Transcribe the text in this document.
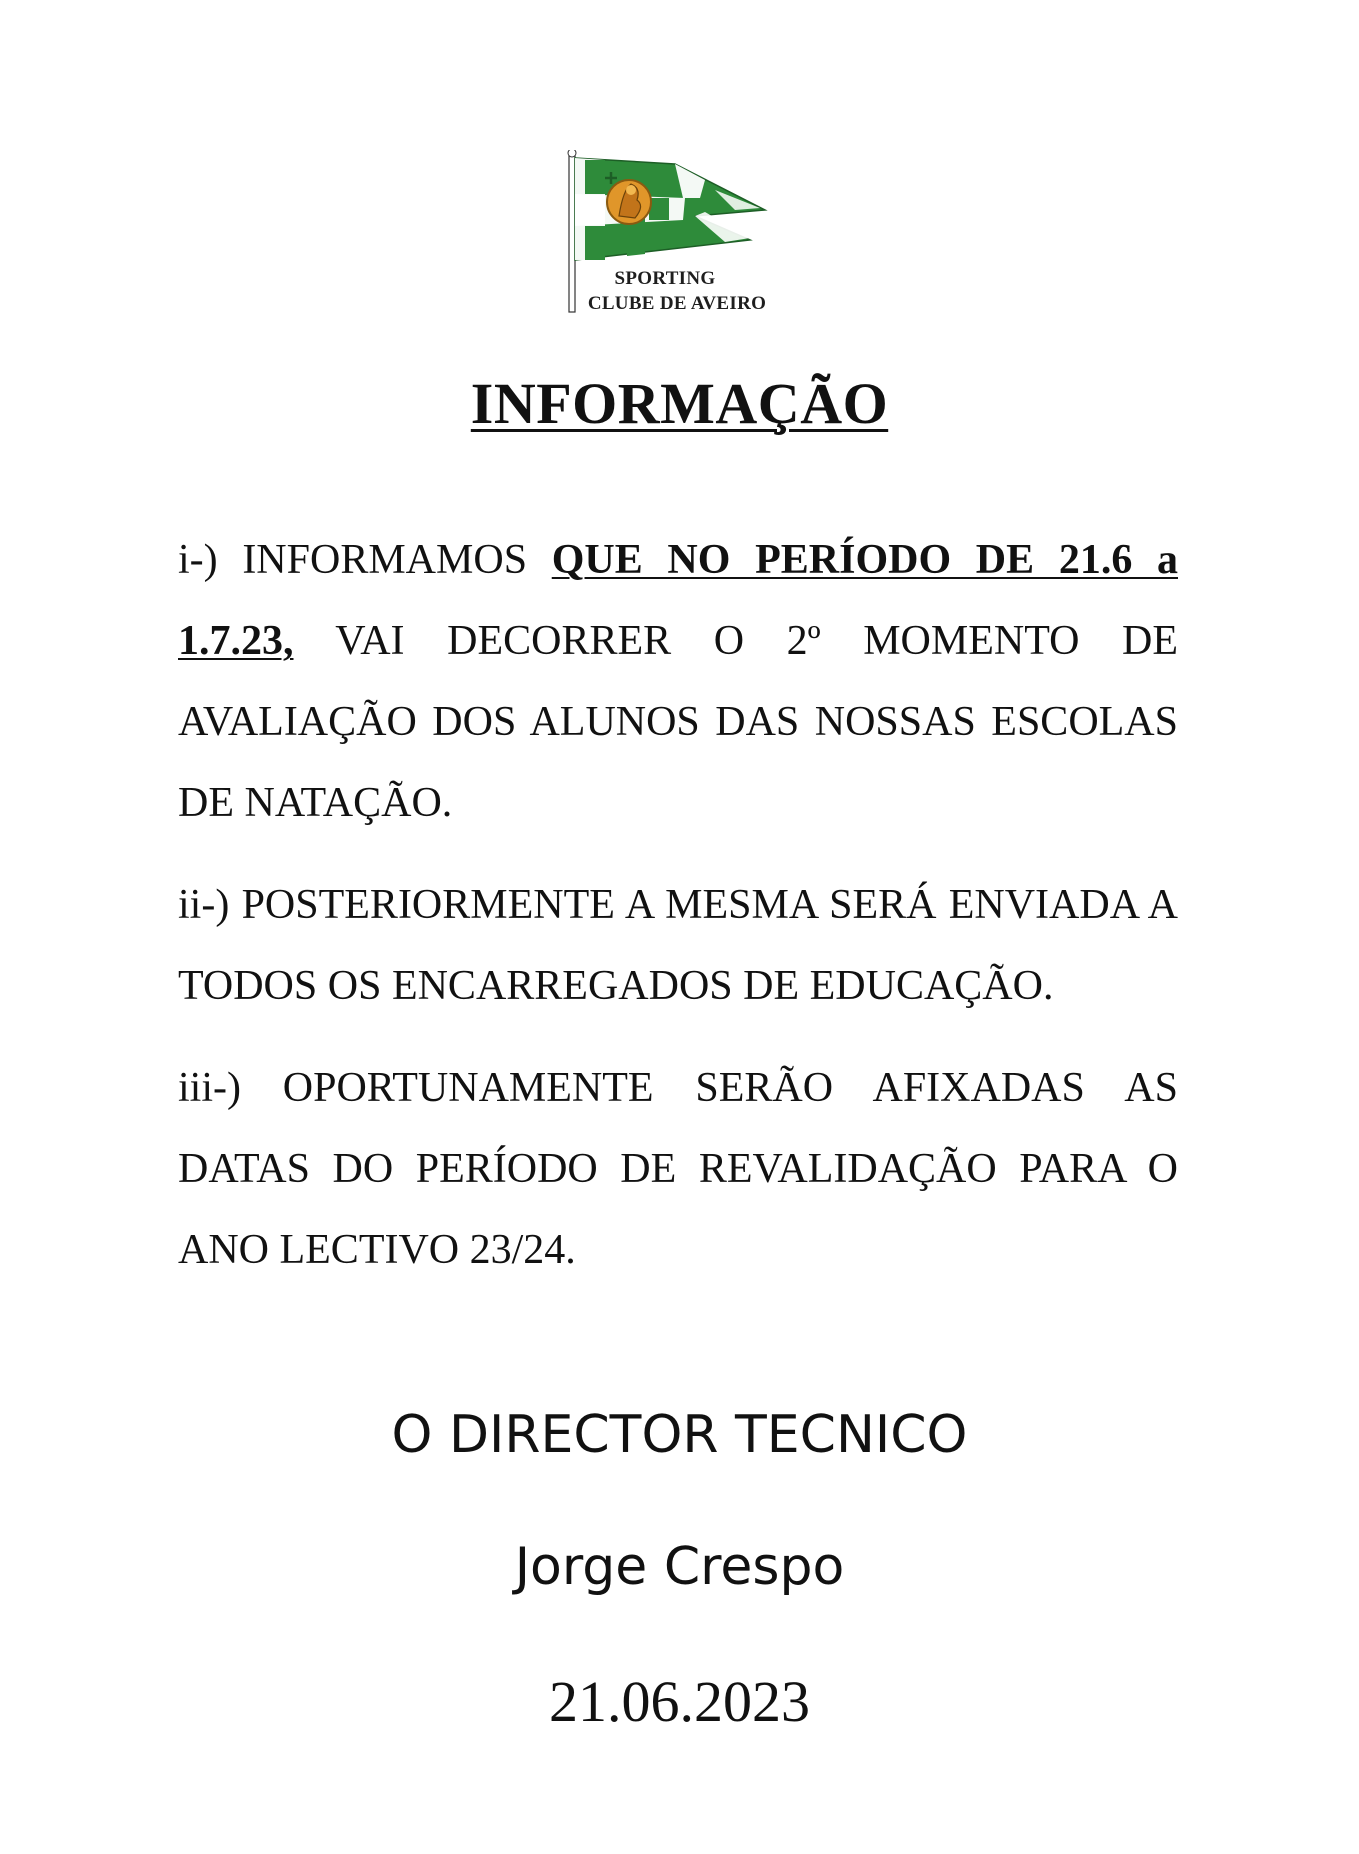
SPORTING
CLUBE DE AVEIRO
INFORMAÇÃO

i-) INFORMAMOS QUE NO PERÍODO DE 21.6 a 1.7.23, VAI DECORRER O 2º MOMENTO DE AVALIAÇÃO DOS ALUNOS DAS NOSSAS ESCOLAS DE NATAÇÃO.

ii-) POSTERIORMENTE A MESMA SERÁ ENVIADA A TODOS OS ENCARREGADOS DE EDUCAÇÃO.

iii-) OPORTUNAMENTE SERÃO AFIXADAS AS DATAS DO PERÍODO DE REVALIDAÇÃO PARA O ANO LECTIVO 23/24.

O DIRECTOR TECNICO
Jorge Crespo
21.06.2023
